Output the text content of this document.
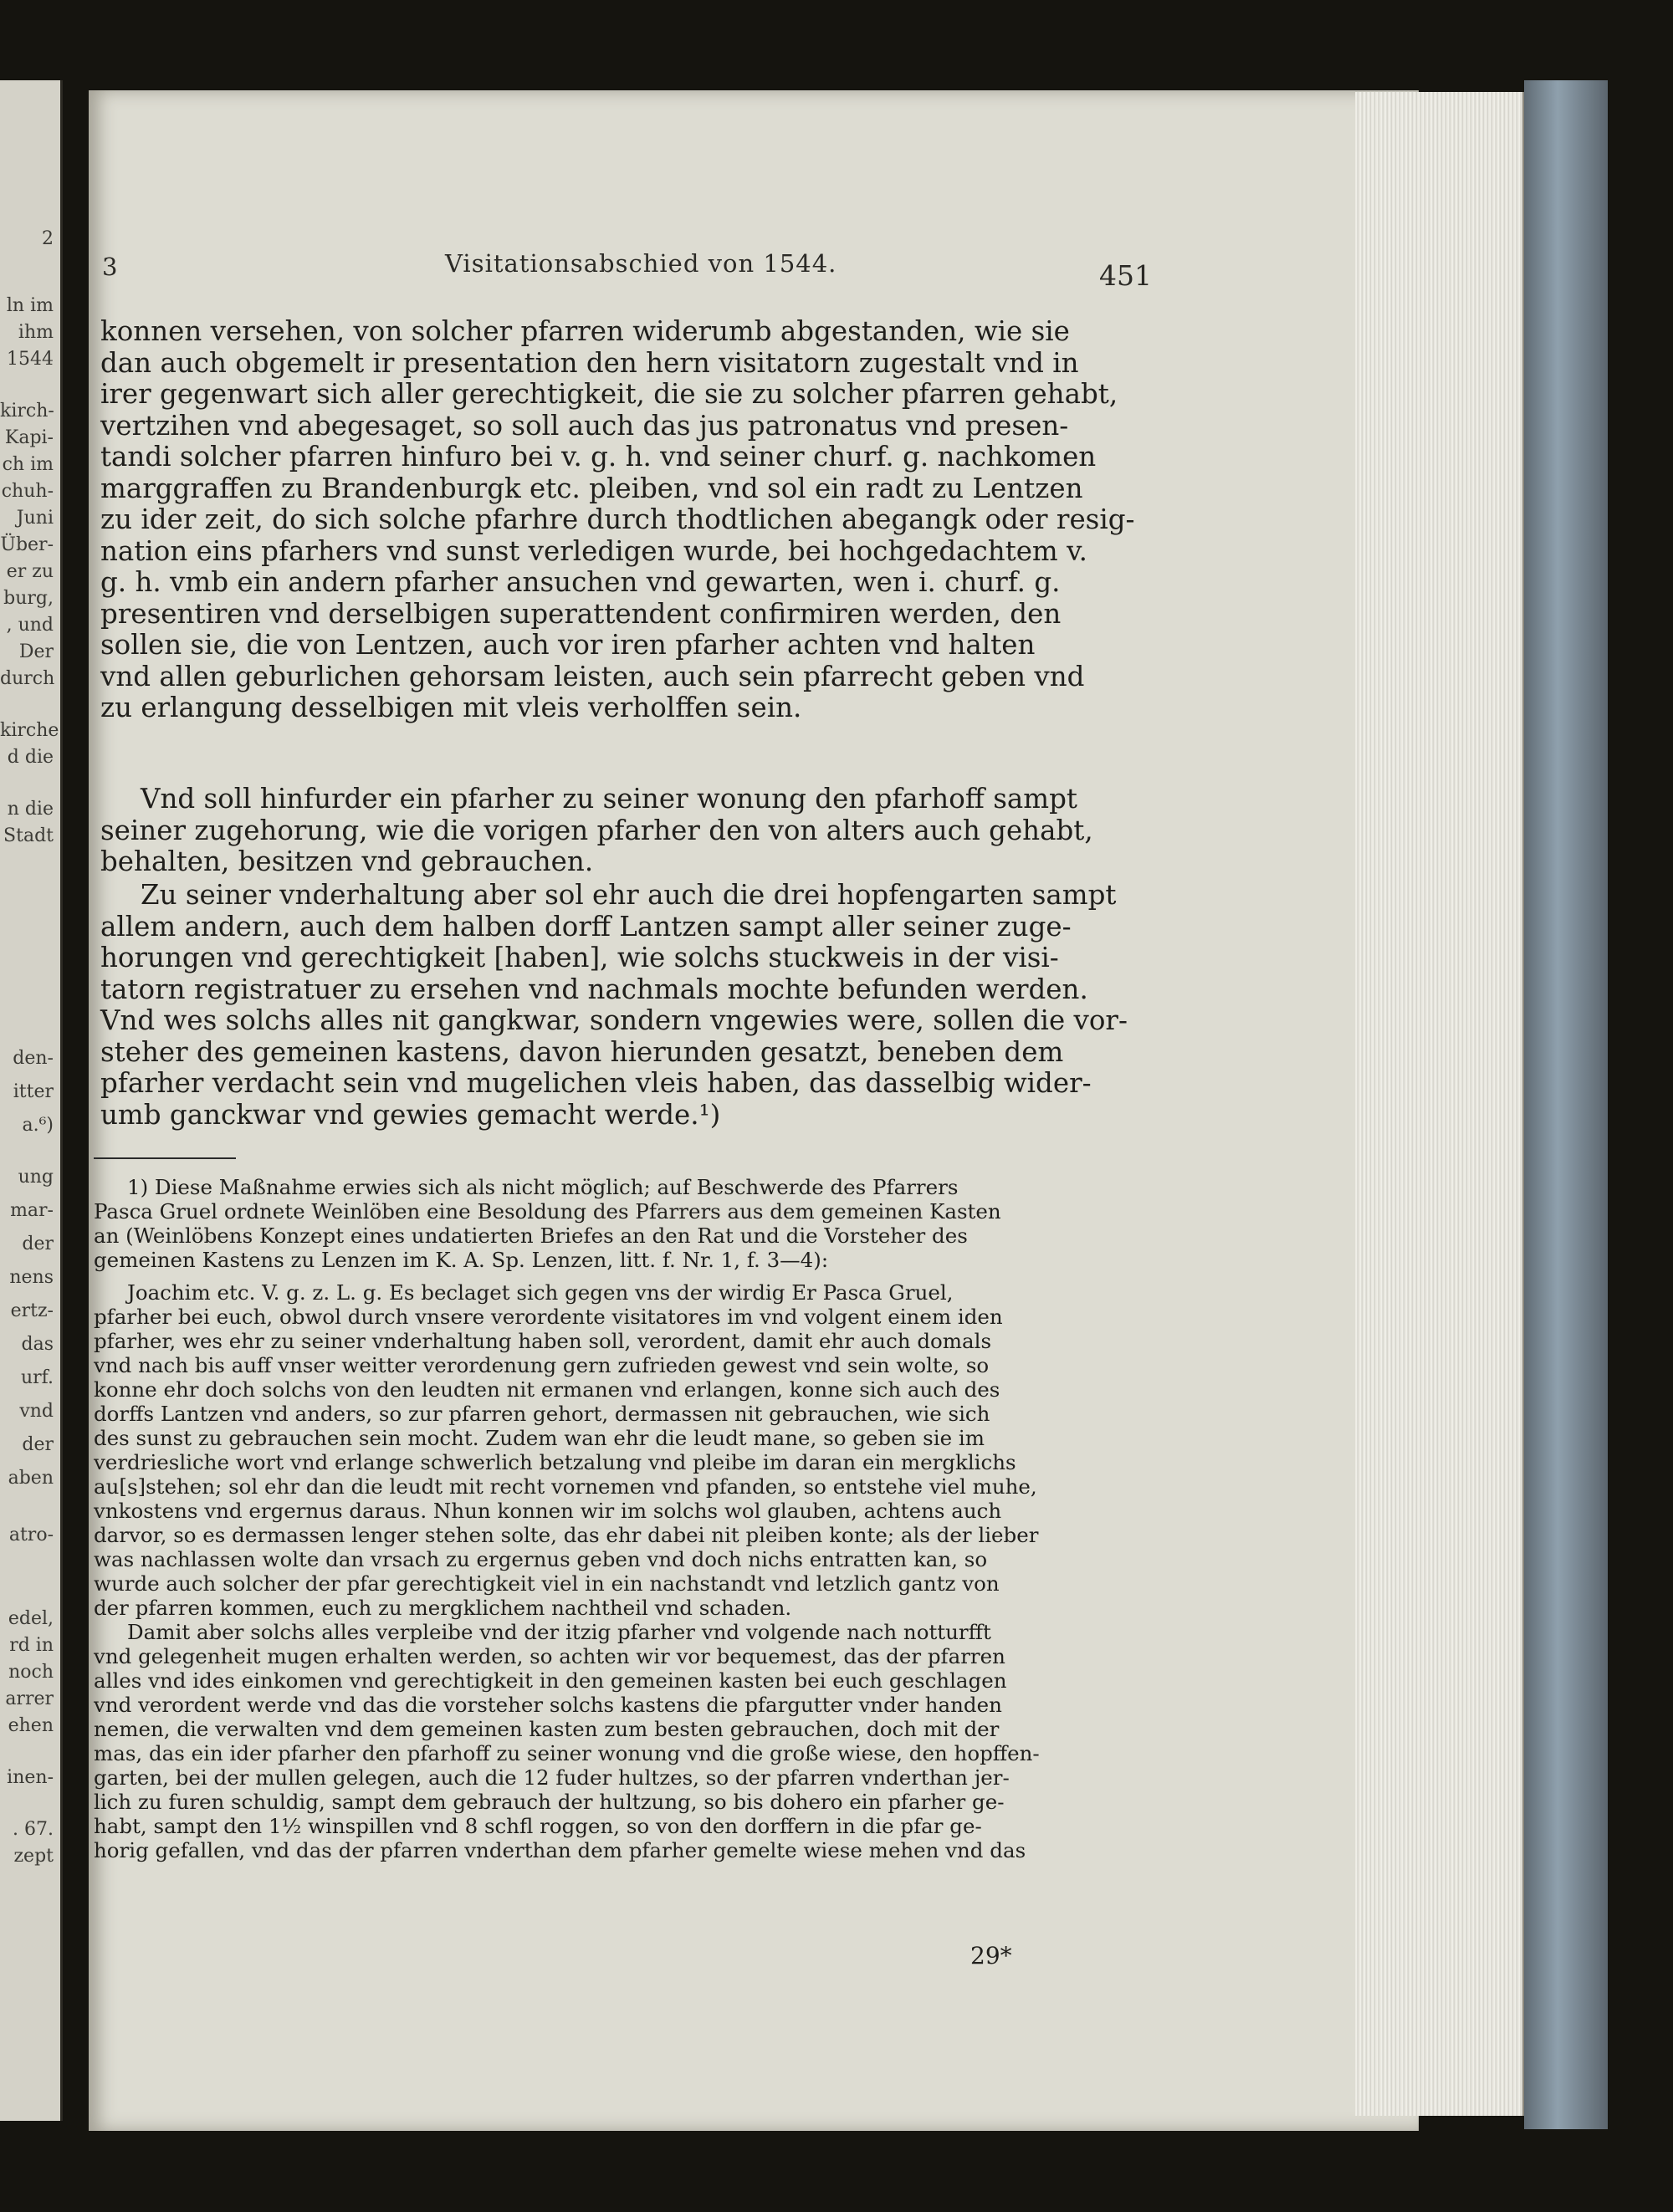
2
ln im
ihm
1544
kirch-
Kapi-
ch im
chuh-
Juni
Über-
er zu
burg,
, und
Der
durch
kirche
d die
n die
Stadt
den-
itter
a.⁶)
ung
mar-
der
nens
ertz-
das
urf.
vnd
der
aben
atro-
edel,
rd in
noch
arrer
ehen
inen-
. 67.
zept
3	Visitationsabschied von 1544.	451
konnen versehen, von solcher pfarren widerumb abgestanden, wie sie
dan auch obgemelt ir presentation den hern visitatorn zugestalt vnd in
irer gegenwart sich aller gerechtigkeit, die sie zu solcher pfarren gehabt,
vertzihen vnd abegesaget, so soll auch das jus patronatus vnd presen-
tandi solcher pfarren hinfuro bei v. g. h. vnd seiner churf. g. nachkomen
marggraffen zu Brandenburgk etc. pleiben, vnd sol ein radt zu Lentzen
zu ider zeit, do sich solche pfarhre durch thodtlichen abegangk oder resig-
nation eins pfarhers vnd sunst verledigen wurde, bei hochgedachtem v.
g. h. vmb ein andern pfarher ansuchen vnd gewarten, wen i. churf. g.
presentiren vnd derselbigen superattendent confirmiren werden, den
sollen sie, die von Lentzen, auch vor iren pfarher achten vnd halten
vnd allen geburlichen gehorsam leisten, auch sein pfarrecht geben vnd
zu erlangung desselbigen mit vleis verholffen sein.
Vnd soll hinfurder ein pfarher zu seiner wonung den pfarhoff sampt
seiner zugehorung, wie die vorigen pfarher den von alters auch gehabt,
behalten, besitzen vnd gebrauchen.
Zu seiner vnderhaltung aber sol ehr auch die drei hopfengarten sampt
allem andern, auch dem halben dorff Lantzen sampt aller seiner zuge-
horungen vnd gerechtigkeit [haben], wie solchs stuckweis in der visi-
tatorn registratuer zu ersehen vnd nachmals mochte befunden werden.
Vnd wes solchs alles nit gangkwar, sondern vngewies were, sollen die vor-
steher des gemeinen kastens, davon hierunden gesatzt, beneben dem
pfarher verdacht sein vnd mugelichen vleis haben, das dasselbig wider-
umb ganckwar vnd gewies gemacht werde.¹)
1) Diese Maßnahme erwies sich als nicht möglich; auf Beschwerde des Pfarrers
Pasca Gruel ordnete Weinlöben eine Besoldung des Pfarrers aus dem gemeinen Kasten
an (Weinlöbens Konzept eines undatierten Briefes an den Rat und die Vorsteher des
gemeinen Kastens zu Lenzen im K. A. Sp. Lenzen, litt. f. Nr. 1, f. 3—4):
Joachim etc. V. g. z. L. g. Es beclaget sich gegen vns der wirdig Er Pasca Gruel,
pfarher bei euch, obwol durch vnsere verordente visitatores im vnd volgent einem iden
pfarher, wes ehr zu seiner vnderhaltung haben soll, verordent, damit ehr auch domals
vnd nach bis auff vnser weitter verordenung gern zufrieden gewest vnd sein wolte, so
konne ehr doch solchs von den leudten nit ermanen vnd erlangen, konne sich auch des
dorffs Lantzen vnd anders, so zur pfarren gehort, dermassen nit gebrauchen, wie sich
des sunst zu gebrauchen sein mocht. Zudem wan ehr die leudt mane, so geben sie im
verdriesliche wort vnd erlange schwerlich betzalung vnd pleibe im daran ein mergklichs
au[s]stehen; sol ehr dan die leudt mit recht vornemen vnd pfanden, so entstehe viel muhe,
vnkostens vnd ergernus daraus. Nhun konnen wir im solchs wol glauben, achtens auch
darvor, so es dermassen lenger stehen solte, das ehr dabei nit pleiben konte; als der lieber
was nachlassen wolte dan vrsach zu ergernus geben vnd doch nichs entratten kan, so
wurde auch solcher der pfar gerechtigkeit viel in ein nachstandt vnd letzlich gantz von
der pfarren kommen, euch zu mergklichem nachtheil vnd schaden.
Damit aber solchs alles verpleibe vnd der itzig pfarher vnd volgende nach notturfft
vnd gelegenheit mugen erhalten werden, so achten wir vor bequemest, das der pfarren
alles vnd ides einkomen vnd gerechtigkeit in den gemeinen kasten bei euch geschlagen
vnd verordent werde vnd das die vorsteher solchs kastens die pfargutter vnder handen
nemen, die verwalten vnd dem gemeinen kasten zum besten gebrauchen, doch mit der
mas, das ein ider pfarher den pfarhoff zu seiner wonung vnd die große wiese, den hopffen-
garten, bei der mullen gelegen, auch die 12 fuder hultzes, so der pfarren vnderthan jer-
lich zu furen schuldig, sampt dem gebrauch der hultzung, so bis dohero ein pfarher ge-
habt, sampt den 1½ winspillen vnd 8 schfl roggen, so von den dorffern in die pfar ge-
horig gefallen, vnd das der pfarren vnderthan dem pfarher gemelte wiese mehen vnd das
29*
